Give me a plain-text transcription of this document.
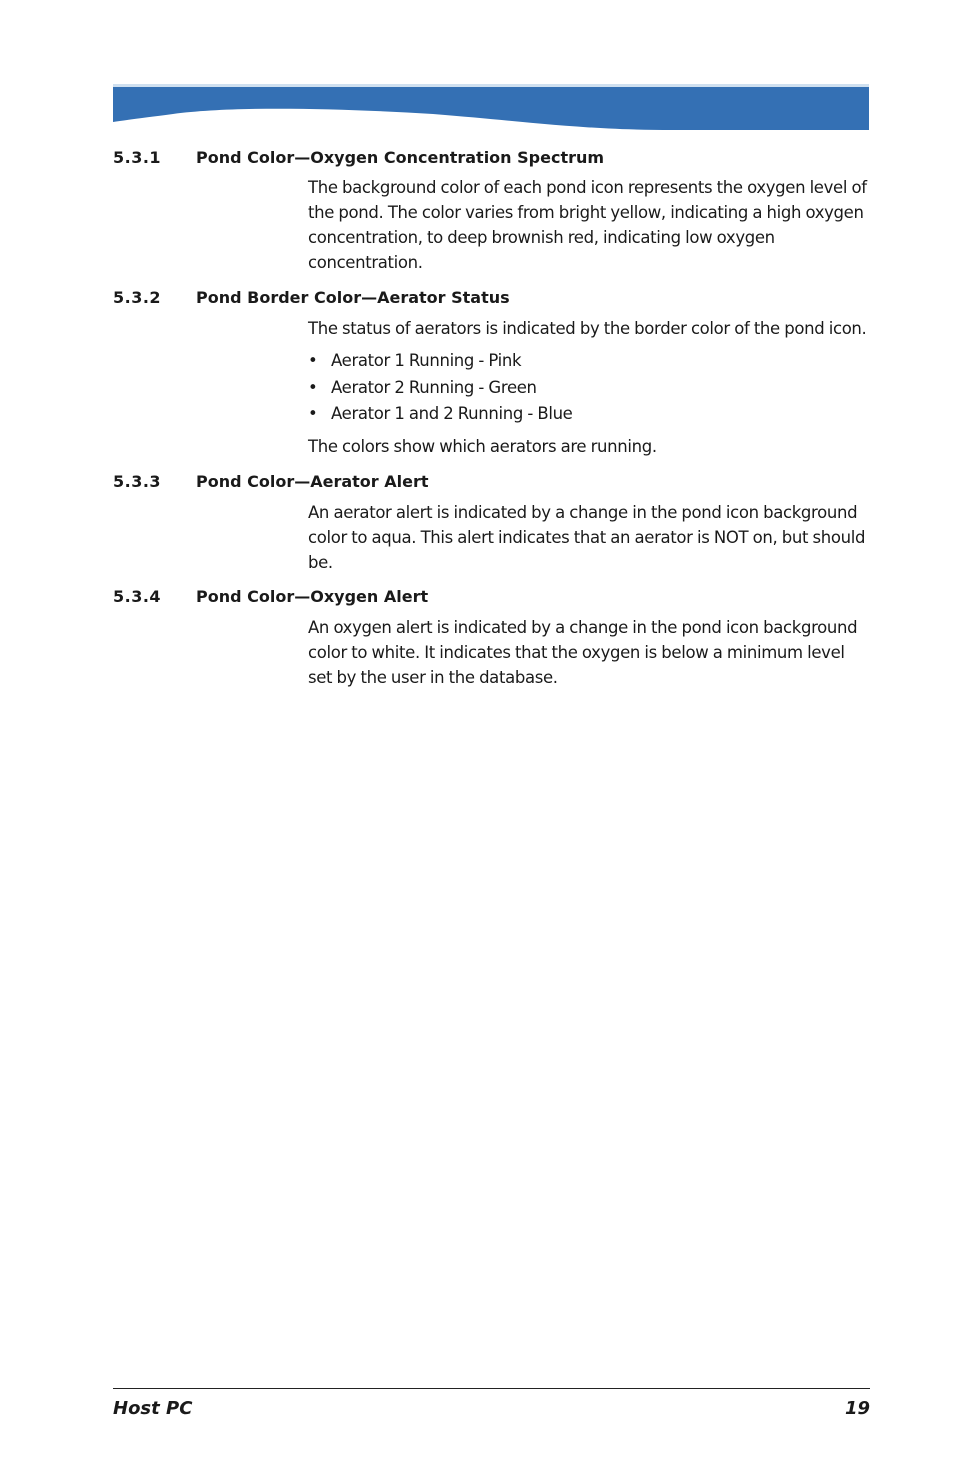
5.3.1 Pond Color—Oxygen Concentration Spectrum

The background color of each pond icon represents the oxygen level of

the pond. The color varies from bright yellow, indicating a high oxygen

concentration, to deep brownish red, indicating low oxygen

concentration.

5.3.2 Pond Border Color—Aerator Status

The status of aerators is indicated by the border color of the pond icon.

• Aerator 1 Running - Pink
• Aerator 2 Running - Green
• Aerator 1 and 2 Running - Blue

The colors show which aerators are running.

5.3.3 Pond Color—Aerator Alert

An aerator alert is indicated by a change in the pond icon background

color to aqua. This alert indicates that an aerator is NOT on, but should

be.

5.3.4 Pond Color—Oxygen Alert

An oxygen alert is indicated by a change in the pond icon background

color to white. It indicates that the oxygen is below a minimum level

set by the user in the database.

Host PC	19
